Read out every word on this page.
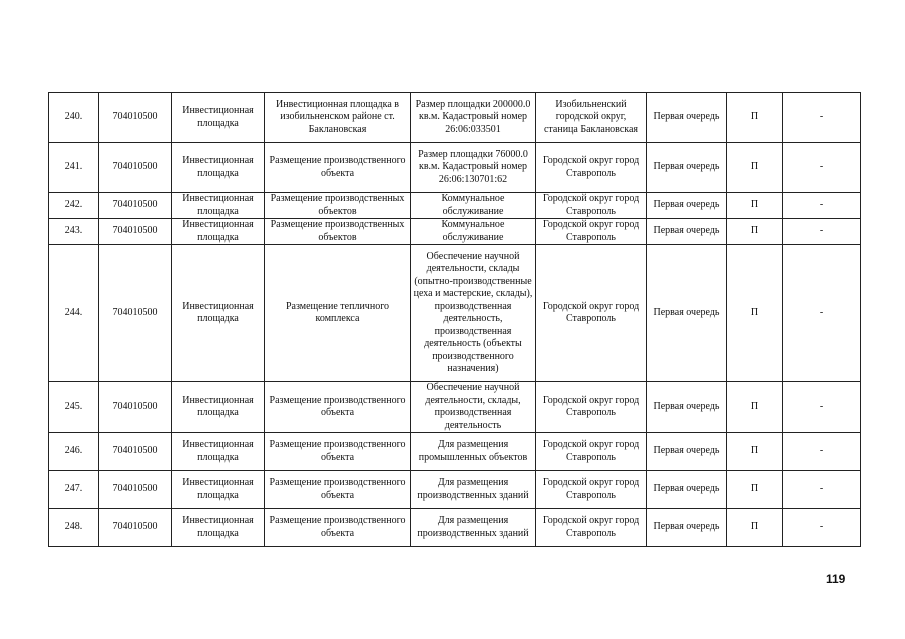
240.	704010500	Инвестиционная площадка	Инвестиционная площадка в изобильненском районе ст. Баклановская	Размер площадки 200000.0 кв.м. Кадастровый номер 26:06:033501	Изобильненский городской округ, станица Баклановская	Первая очередь	П	-
241.	704010500	Инвестиционная площадка	Размещение производственного объекта	Размер площадки 76000.0 кв.м. Кадастровый номер 26:06:130701:62	Городской округ город Ставрополь	Первая очередь	П	-
242.	704010500	Инвестиционная площадка	Размещение производственных объектов	Коммунальное обслуживание	Городской округ город Ставрополь	Первая очередь	П	-
243.	704010500	Инвестиционная площадка	Размещение производственных объектов	Коммунальное обслуживание	Городской округ город Ставрополь	Первая очередь	П	-
244.	704010500	Инвестиционная площадка	Размещение тепличного комплекса	Обеспечение научной деятельности, склады (опытно-производственные цеха и мастерские, склады), производственная деятельность, производственная деятельность (объекты производственного назначения)	Городской округ город Ставрополь	Первая очередь	П	-
245.	704010500	Инвестиционная площадка	Размещение производственного объекта	Обеспечение научной деятельности, склады, производственная деятельность	Городской округ город Ставрополь	Первая очередь	П	-
246.	704010500	Инвестиционная площадка	Размещение производственного объекта	Для размещения промышленных объектов	Городской округ город Ставрополь	Первая очередь	П	-
247.	704010500	Инвестиционная площадка	Размещение производственного объекта	Для размещения производственных зданий	Городской округ город Ставрополь	Первая очередь	П	-
248.	704010500	Инвестиционная площадка	Размещение производственного объекта	Для размещения производственных зданий	Городской округ город Ставрополь	Первая очередь	П	-
119
